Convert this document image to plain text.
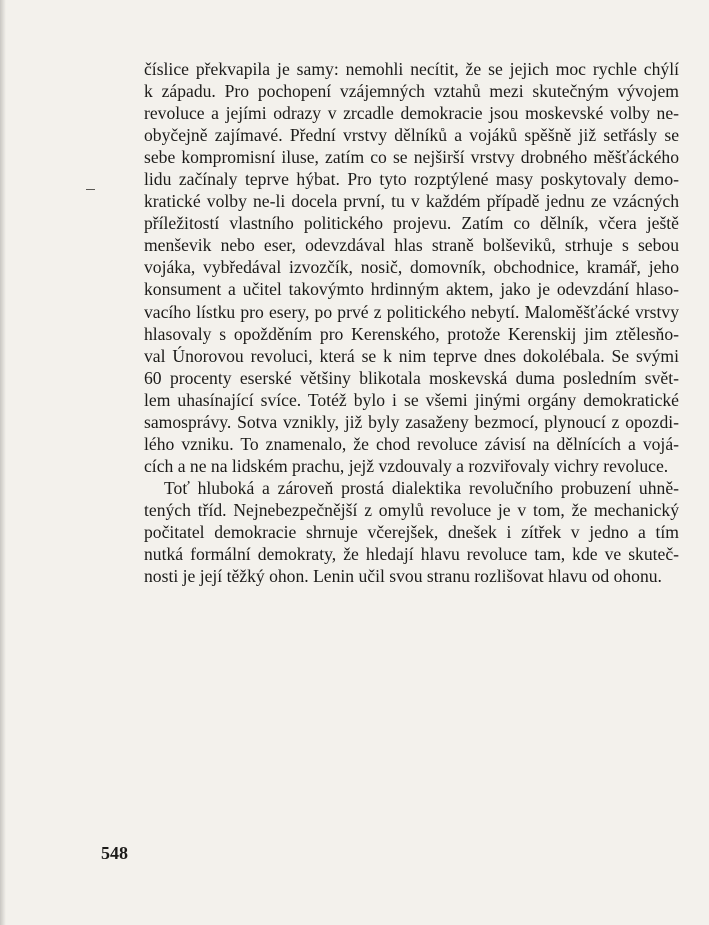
číslice překvapila je samy: nemohli necítit, že se jejich moc rychle chýlí
k západu. Pro pochopení vzájemných vztahů mezi skutečným vývojem
revoluce a jejími odrazy v zrcadle demokracie jsou moskevské volby ne-
obyčejně zajímavé. Přední vrstvy dělníků a vojáků spěšně již setřásly se
sebe kompromisní iluse, zatím co se nejširší vrstvy drobného měšťáckého
lidu začínaly teprve hýbat. Pro tyto rozptýlené masy poskytovaly demo-
kratické volby ne-li docela první, tu v každém případě jednu ze vzácných
příležitostí vlastního politického projevu. Zatím co dělník, včera ještě
menševik nebo eser, odevzdával hlas straně bolševiků, strhuje s sebou
vojáka, vybředával izvozčík, nosič, domovník, obchodnice, kramář, jeho
konsument a učitel takovýmto hrdinným aktem, jako je odevzdání hlaso-
vacího lístku pro esery, po prvé z politického nebytí. Maloměšťácké vrstvy
hlasovaly s opožděním pro Kerenského, protože Kerenskij jim ztělesňo-
val Únorovou revoluci, která se k nim teprve dnes dokolébala. Se svými
60 procenty eserské většiny blikotala moskevská duma posledním svět-
lem uhasínající svíce. Totéž bylo i se všemi jinými orgány demokratické
samosprávy. Sotva vznikly, již byly zasaženy bezmocí, plynoucí z opozdi-
lého vzniku. To znamenalo, že chod revoluce závisí na dělnících a vojá-
cích a ne na lidském prachu, jejž vzdouvaly a rozviřovaly vichry revoluce.
Toť hluboká a zároveň prostá dialektika revolučního probuzení uhně-
tených tříd. Nejnebezpečnější z omylů revoluce je v tom, že mechanický
počitatel demokracie shrnuje včerejšek, dnešek i zítřek v jedno a tím
nutká formální demokraty, že hledají hlavu revoluce tam, kde ve skuteč-
nosti je její těžký ohon. Lenin učil svou stranu rozlišovat hlavu od ohonu.
548
